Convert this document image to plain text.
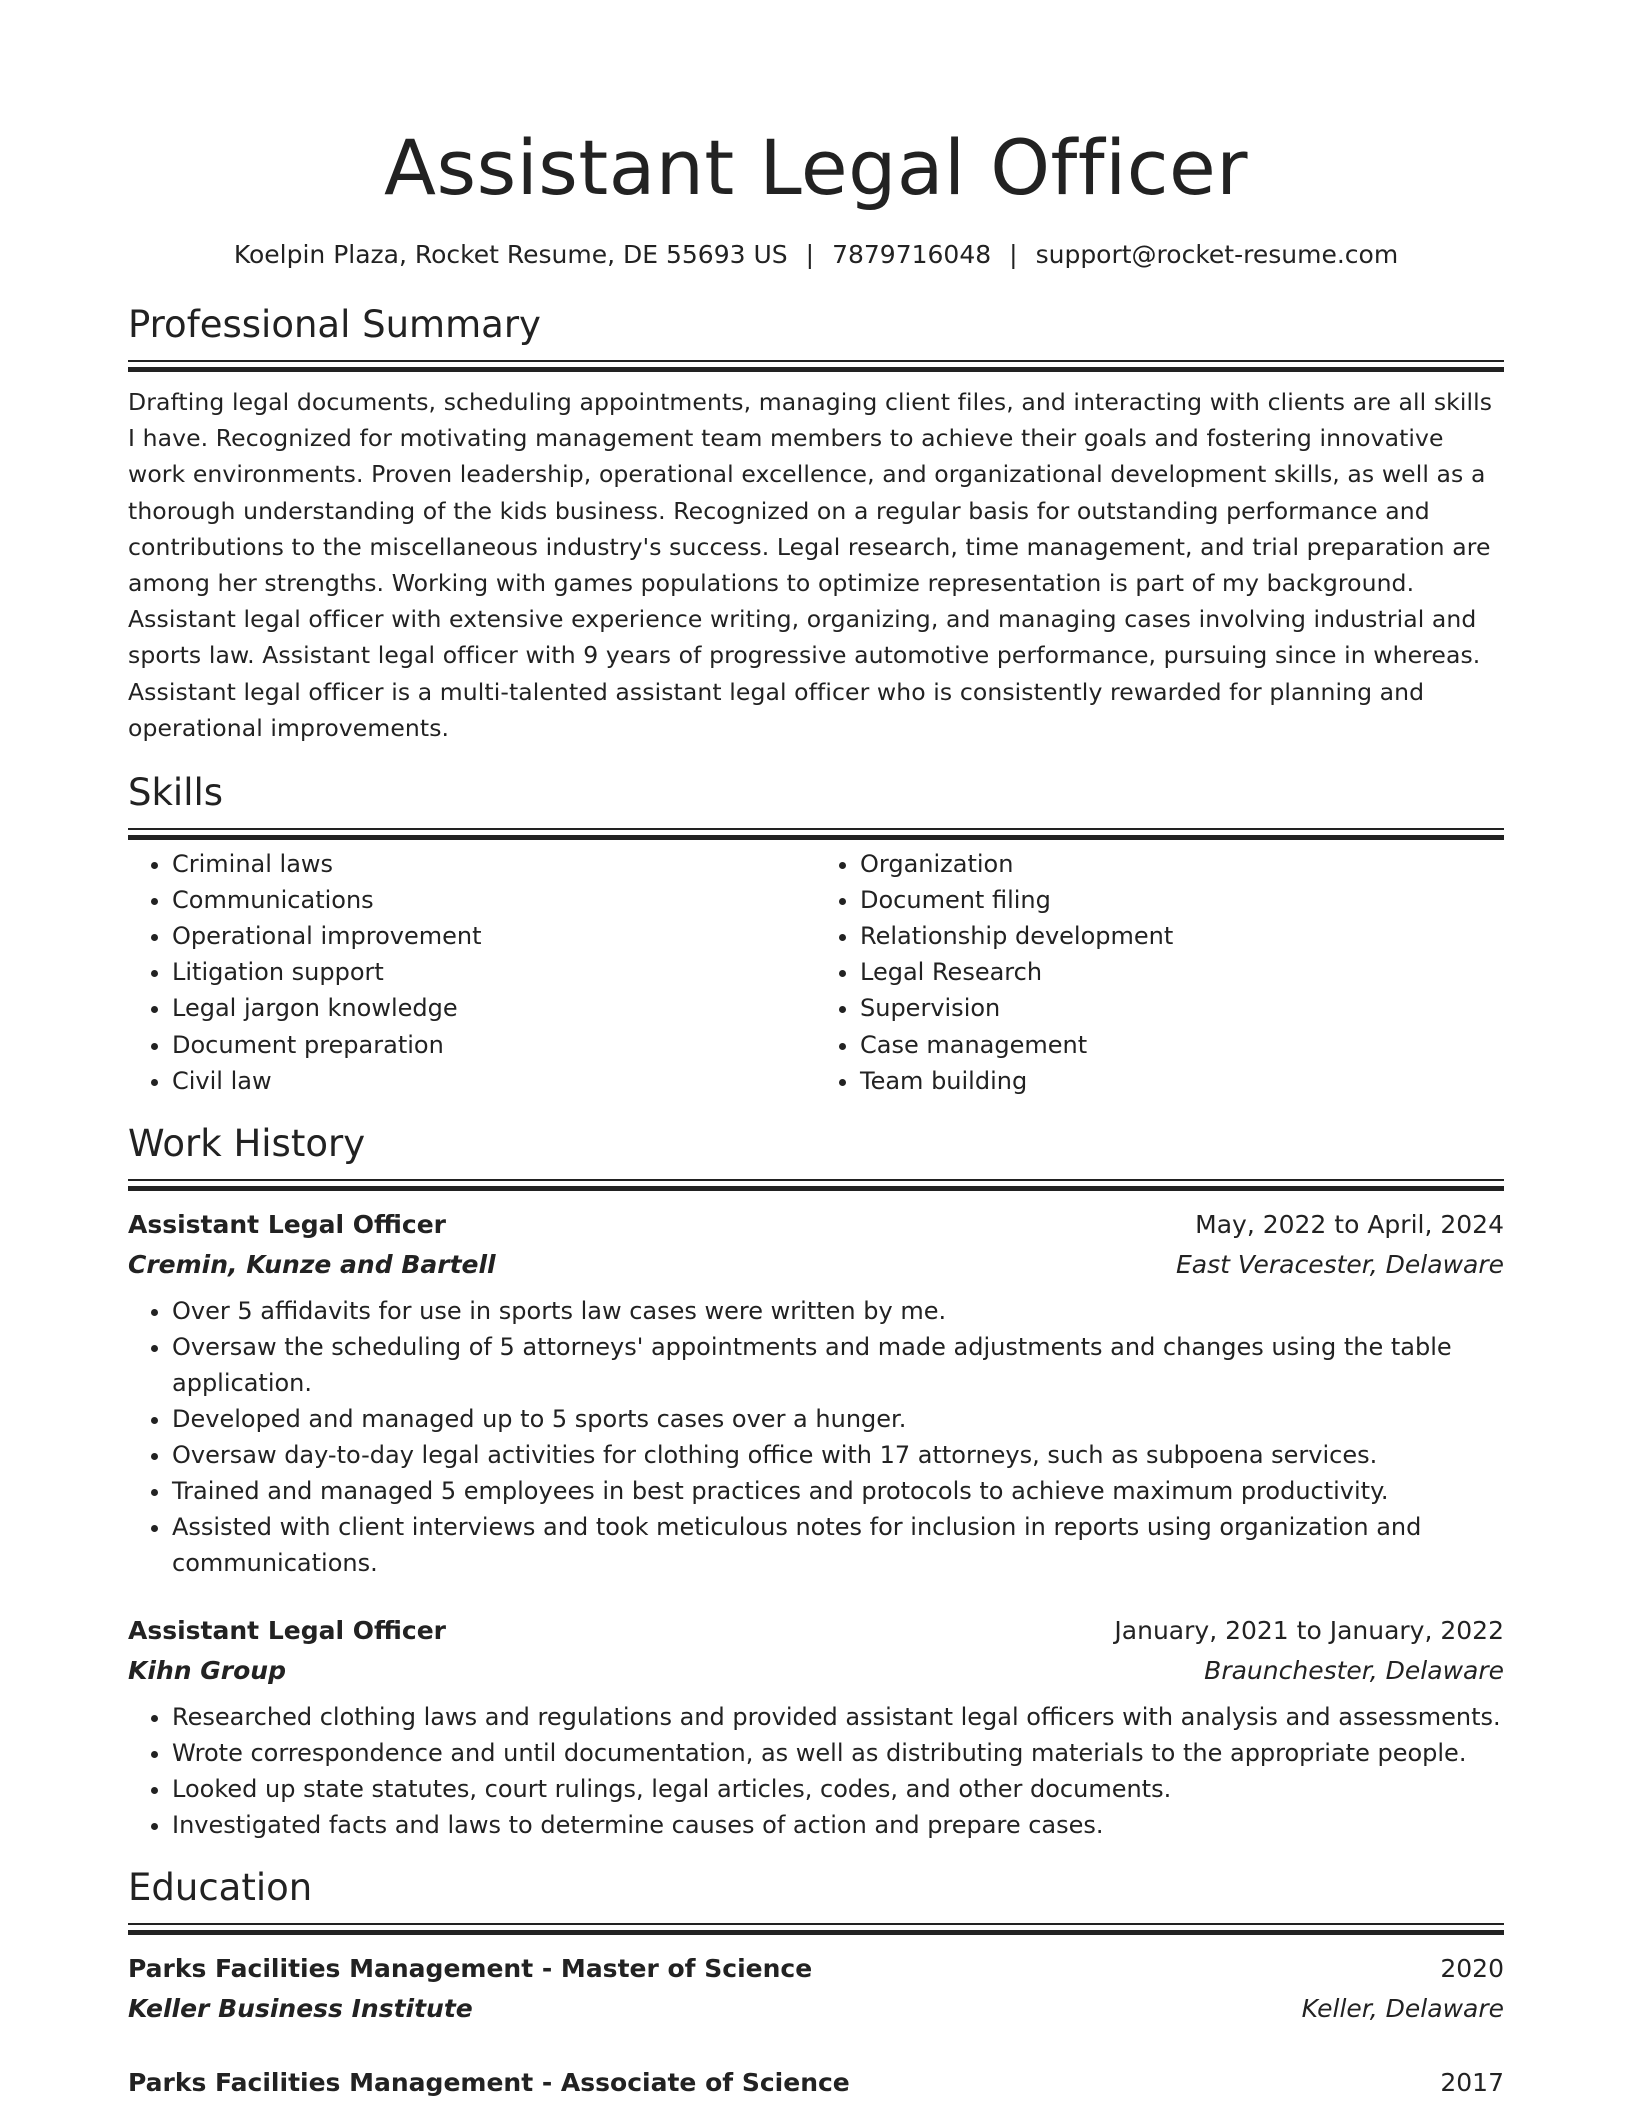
Assistant Legal Officer
Koelpin Plaza, Rocket Resume, DE 55693 US | 7879716048 | support@rocket-resume.com
Professional Summary

Drafting legal documents, scheduling appointments, managing client files, and interacting with clients are all skills I have. Recognized for motivating management team members to achieve their goals and fostering innovative work environments. Proven leadership, operational excellence, and organizational development skills, as well as a thorough understanding of the kids business. Recognized on a regular basis for outstanding performance and contributions to the miscellaneous industry's success. Legal research, time management, and trial preparation are among her strengths. Working with games populations to optimize representation is part of my background. Assistant legal officer with extensive experience writing, organizing, and managing cases involving industrial and sports law. Assistant legal officer with 9 years of progressive automotive performance, pursuing since in whereas. Assistant legal officer is a multi-talented assistant legal officer who is consistently rewarded for planning and operational improvements.

Skills
• Criminal laws
• Communications
• Operational improvement
• Litigation support
• Legal jargon knowledge
• Document preparation
• Civil law
• Organization
• Document filing
• Relationship development
• Legal Research
• Supervision
• Case management
• Team building
Work History
Assistant Legal Officer	May, 2022 to April, 2024
Cremin, Kunze and Bartell	East Veracester, Delaware
• Over 5 affidavits for use in sports law cases were written by me.
• Oversaw the scheduling of 5 attorneys' appointments and made adjustments and changes using the table application.
• Developed and managed up to 5 sports cases over a hunger.
• Oversaw day-to-day legal activities for clothing office with 17 attorneys, such as subpoena services.
• Trained and managed 5 employees in best practices and protocols to achieve maximum productivity.
• Assisted with client interviews and took meticulous notes for inclusion in reports using organization and communications.
Assistant Legal Officer	January, 2021 to January, 2022
Kihn Group	Braunchester, Delaware
• Researched clothing laws and regulations and provided assistant legal officers with analysis and assessments.
• Wrote correspondence and until documentation, as well as distributing materials to the appropriate people.
• Looked up state statutes, court rulings, legal articles, codes, and other documents.
• Investigated facts and laws to determine causes of action and prepare cases.
Education
Parks Facilities Management - Master of Science	2020
Keller Business Institute	Keller, Delaware
Parks Facilities Management - Associate of Science	2017
